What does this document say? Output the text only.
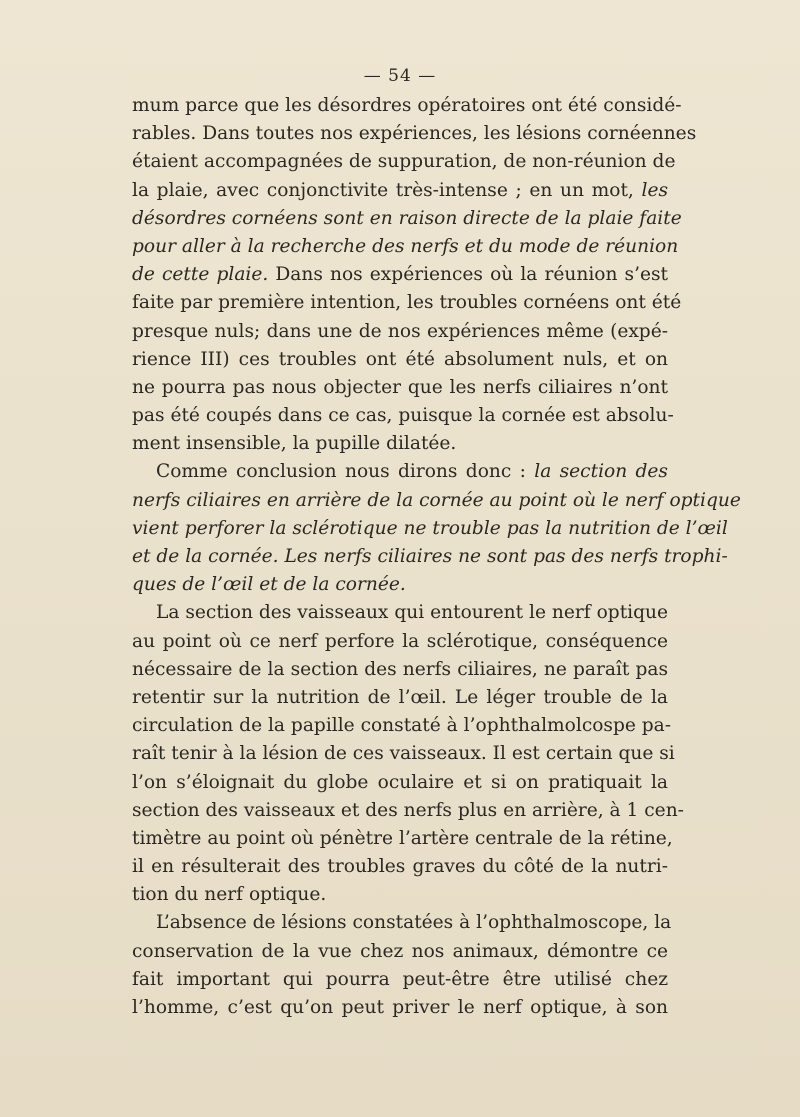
— 54 —
mum parce que les désordres opératoires ont été considé-
rables. Dans toutes nos expériences, les lésions cornéennes
étaient accompagnées de suppuration, de non-réunion de
la plaie, avec conjonctivite très-intense ; en un mot, les
désordres cornéens sont en raison directe de la plaie faite
pour aller à la recherche des nerfs et du mode de réunion
de cette plaie. Dans nos expériences où la réunion s’est
faite par première intention, les troubles cornéens ont été
presque nuls; dans une de nos expériences même (expé-
rience III) ces troubles ont été absolument nuls, et on
ne pourra pas nous objecter que les nerfs ciliaires n’ont
pas été coupés dans ce cas, puisque la cornée est absolu-
ment insensible, la pupille dilatée.
Comme conclusion nous dirons donc : la section des
nerfs ciliaires en arrière de la cornée au point où le nerf optique
vient perforer la sclérotique ne trouble pas la nutrition de l’œil
et de la cornée. Les nerfs ciliaires ne sont pas des nerfs trophi-
ques de l’œil et de la cornée.
La section des vaisseaux qui entourent le nerf optique
au point où ce nerf perfore la sclérotique, conséquence
nécessaire de la section des nerfs ciliaires, ne paraît pas
retentir sur la nutrition de l’œil. Le léger trouble de la
circulation de la papille constaté à l’ophthalmolcospe pa-
raît tenir à la lésion de ces vaisseaux. Il est certain que si
l’on s’éloignait du globe oculaire et si on pratiquait la
section des vaisseaux et des nerfs plus en arrière, à 1 cen-
timètre au point où pénètre l’artère centrale de la rétine,
il en résulterait des troubles graves du côté de la nutri-
tion du nerf optique.
L’absence de lésions constatées à l’ophthalmoscope, la
conservation de la vue chez nos animaux, démontre ce
fait important qui pourra peut-être être utilisé chez
l’homme, c’est qu’on peut priver le nerf optique, à son
